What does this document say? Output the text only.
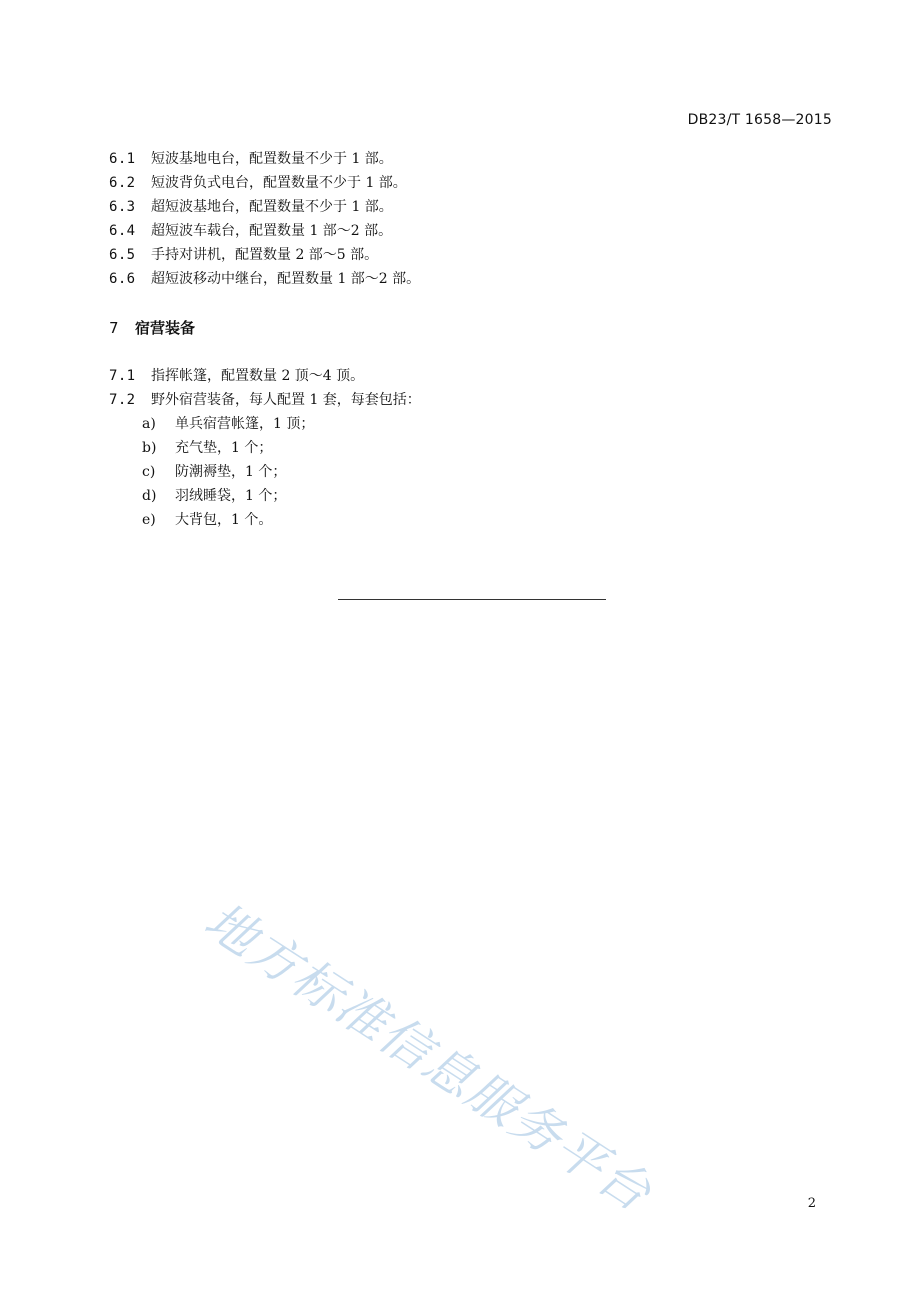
DB23/T 1658—2015
6.1 短波基地电台，配置数量不少于 1 部。
6.2 短波背负式电台，配置数量不少于 1 部。
6.3 超短波基地台，配置数量不少于 1 部。
6.4 超短波车载台，配置数量 1 部～2 部。
6.5 手持对讲机，配置数量 2 部～5 部。
6.6 超短波移动中继台，配置数量 1 部～2 部。
7 宿营装备
7.1 指挥帐篷，配置数量 2 顶～4 顶。
7.2 野外宿营装备，每人配置 1 套，每套包括：
a) 单兵宿营帐篷，1 顶；
b) 充气垫，1 个；
c) 防潮褥垫，1 个；
d) 羽绒睡袋，1 个；
e) 大背包，1 个。
地方标准信息服务平台	2
